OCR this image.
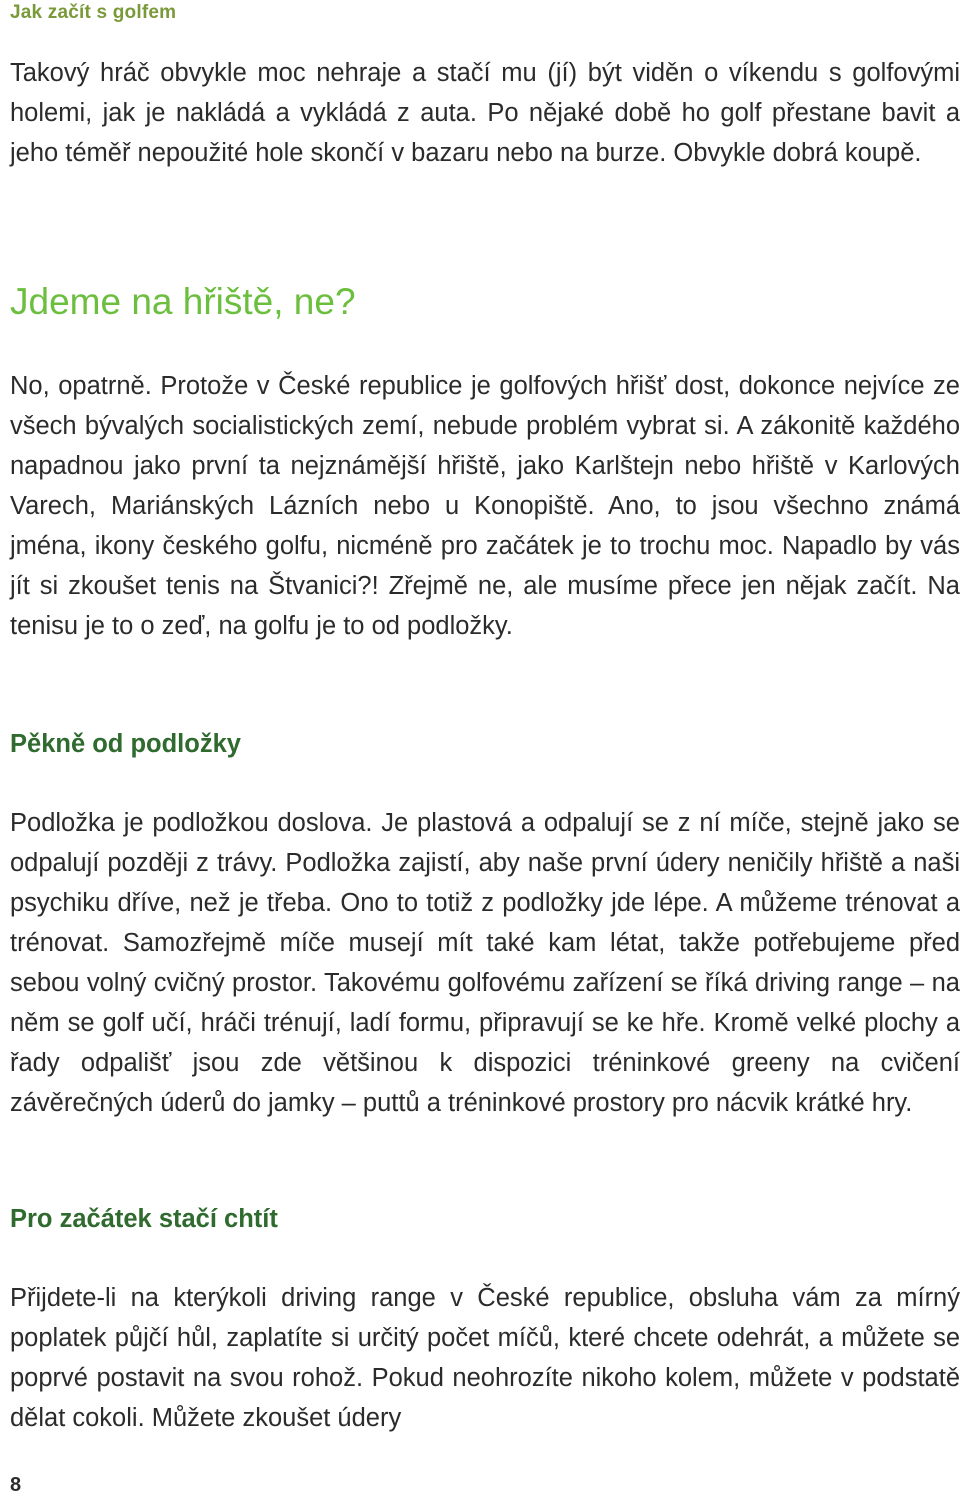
Jak začít s golfem

Takový hráč obvykle moc nehraje a stačí mu (jí) být viděn o víkendu s golfovými holemi, jak je nakládá a vykládá z auta. Po nějaké době ho golf přestane bavit a jeho téměř nepoužité hole skončí v bazaru nebo na burze. Obvykle dobrá koupě.

Jdeme na hřiště, ne?

No, opatrně. Protože v České republice je golfových hřišť dost, dokonce nejvíce ze všech bývalých socialistických zemí, nebude problém vybrat si. A zákonitě každého napadnou jako první ta nejznámější hřiště, jako Karlštejn nebo hřiště v Karlových Varech, Mariánských Lázních nebo u Konopiště. Ano, to jsou všechno známá jména, ikony českého golfu, nicméně pro začátek je to trochu moc. Napadlo by vás jít si zkoušet tenis na Štvanici?! Zřejmě ne, ale musíme přece jen nějak začít. Na tenisu je to o zeď, na golfu je to od podložky.

Pěkně od podložky

Podložka je podložkou doslova. Je plastová a odpalují se z ní míče, stejně jako se odpalují později z trávy. Podložka zajistí, aby naše první údery neničily hřiště a naši psychiku dříve, než je třeba. Ono to totiž z podložky jde lépe. A můžeme trénovat a trénovat. Samozřejmě míče musejí mít také kam létat, takže potřebujeme před sebou volný cvičný prostor. Takovému golfovému zařízení se říká driving range – na něm se golf učí, hráči trénují, ladí formu, připravují se ke hře. Kromě velké plochy a řady odpališť jsou zde většinou k dispozici tréninkové greeny na cvičení závěrečných úderů do jamky – puttů a tréninkové prostory pro nácvik krátké hry.

Pro začátek stačí chtít

Přijdete-li na kterýkoli driving range v České republice, obsluha vám za mírný poplatek půjčí hůl, zaplatíte si určitý počet míčů, které chcete odehrát, a můžete se poprvé postavit na svou rohož. Pokud neohrozíte nikoho kolem, můžete v podstatě dělat cokoli. Můžete zkoušet údery

8
